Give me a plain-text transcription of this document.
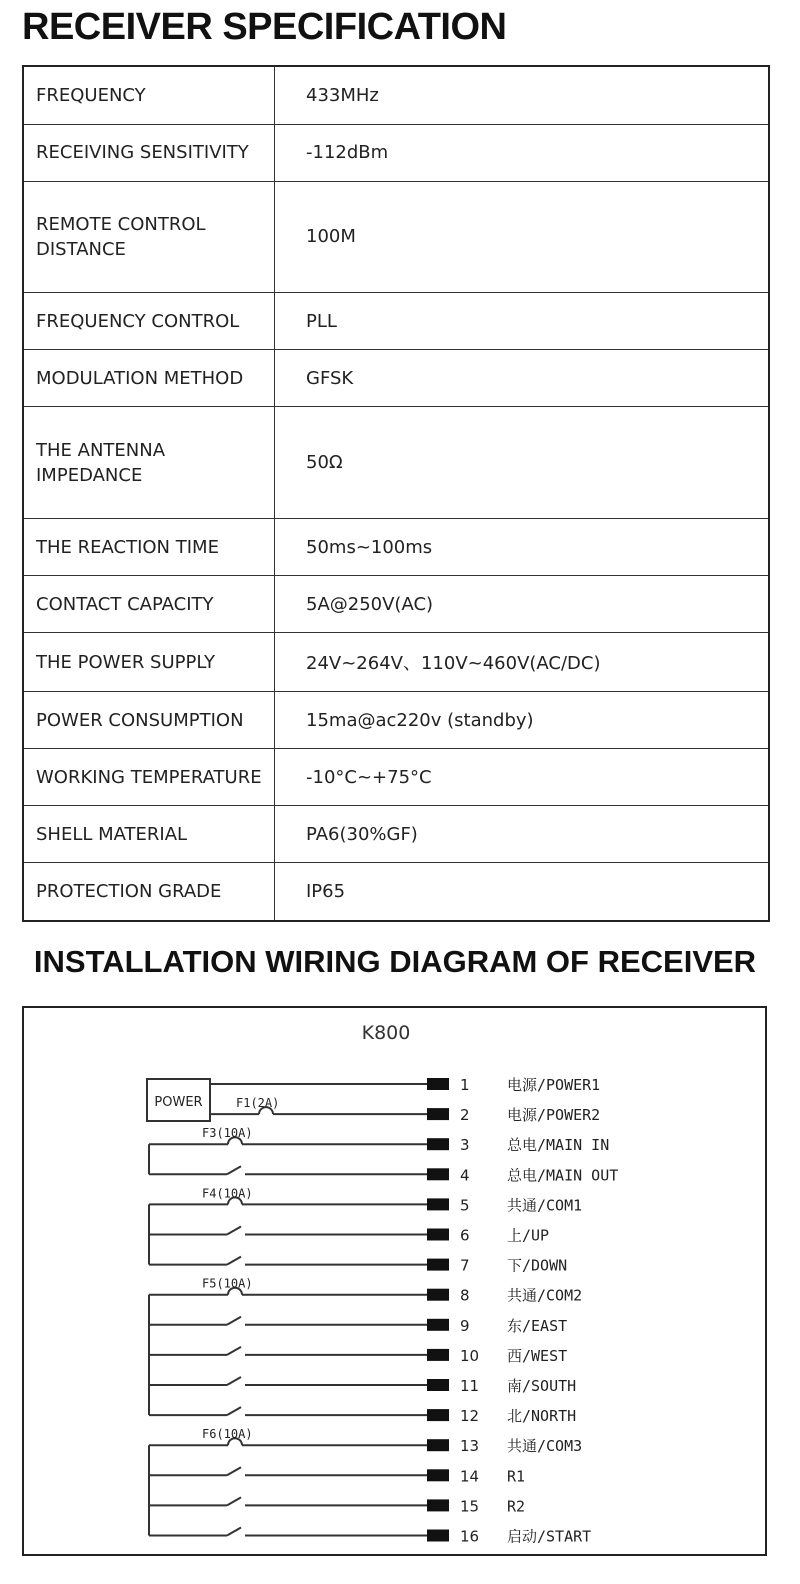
RECEIVER SPECIFICATION
FREQUENCY	433MHz
RECEIVING SENSITIVITY	-112dBm
REMOTE CONTROL DISTANCE	100M
FREQUENCY CONTROL	PLL
MODULATION METHOD	GFSK
THE ANTENNA IMPEDANCE	50Ω
THE REACTION TIME	50ms~100ms
CONTACT CAPACITY	5A@250V(AC)
THE POWER SUPPLY	24V~264V、110V~460V(AC/DC)
POWER CONSUMPTION	15ma@ac220v (standby)
WORKING TEMPERATURE	-10°C~+75°C
SHELL MATERIAL	PA6(30%GF)
PROTECTION GRADE	IP65
INSTALLATION WIRING DIAGRAM OF RECEIVER
K800
1 电源/POWER1
2 电源/POWER2
3 总电/MAIN IN
4 总电/MAIN OUT
5 共通/COM1
6 上/UP
7 下/DOWN
8 共通/COM2
9 东/EAST
10 西/WEST
11 南/SOUTH
12 北/NORTH
13 共通/COM3
14 R1
15 R2
16 启动/START
POWER	F1(2A)
F3(10A)
F4(10A)
F5(10A)
F6(10A)
